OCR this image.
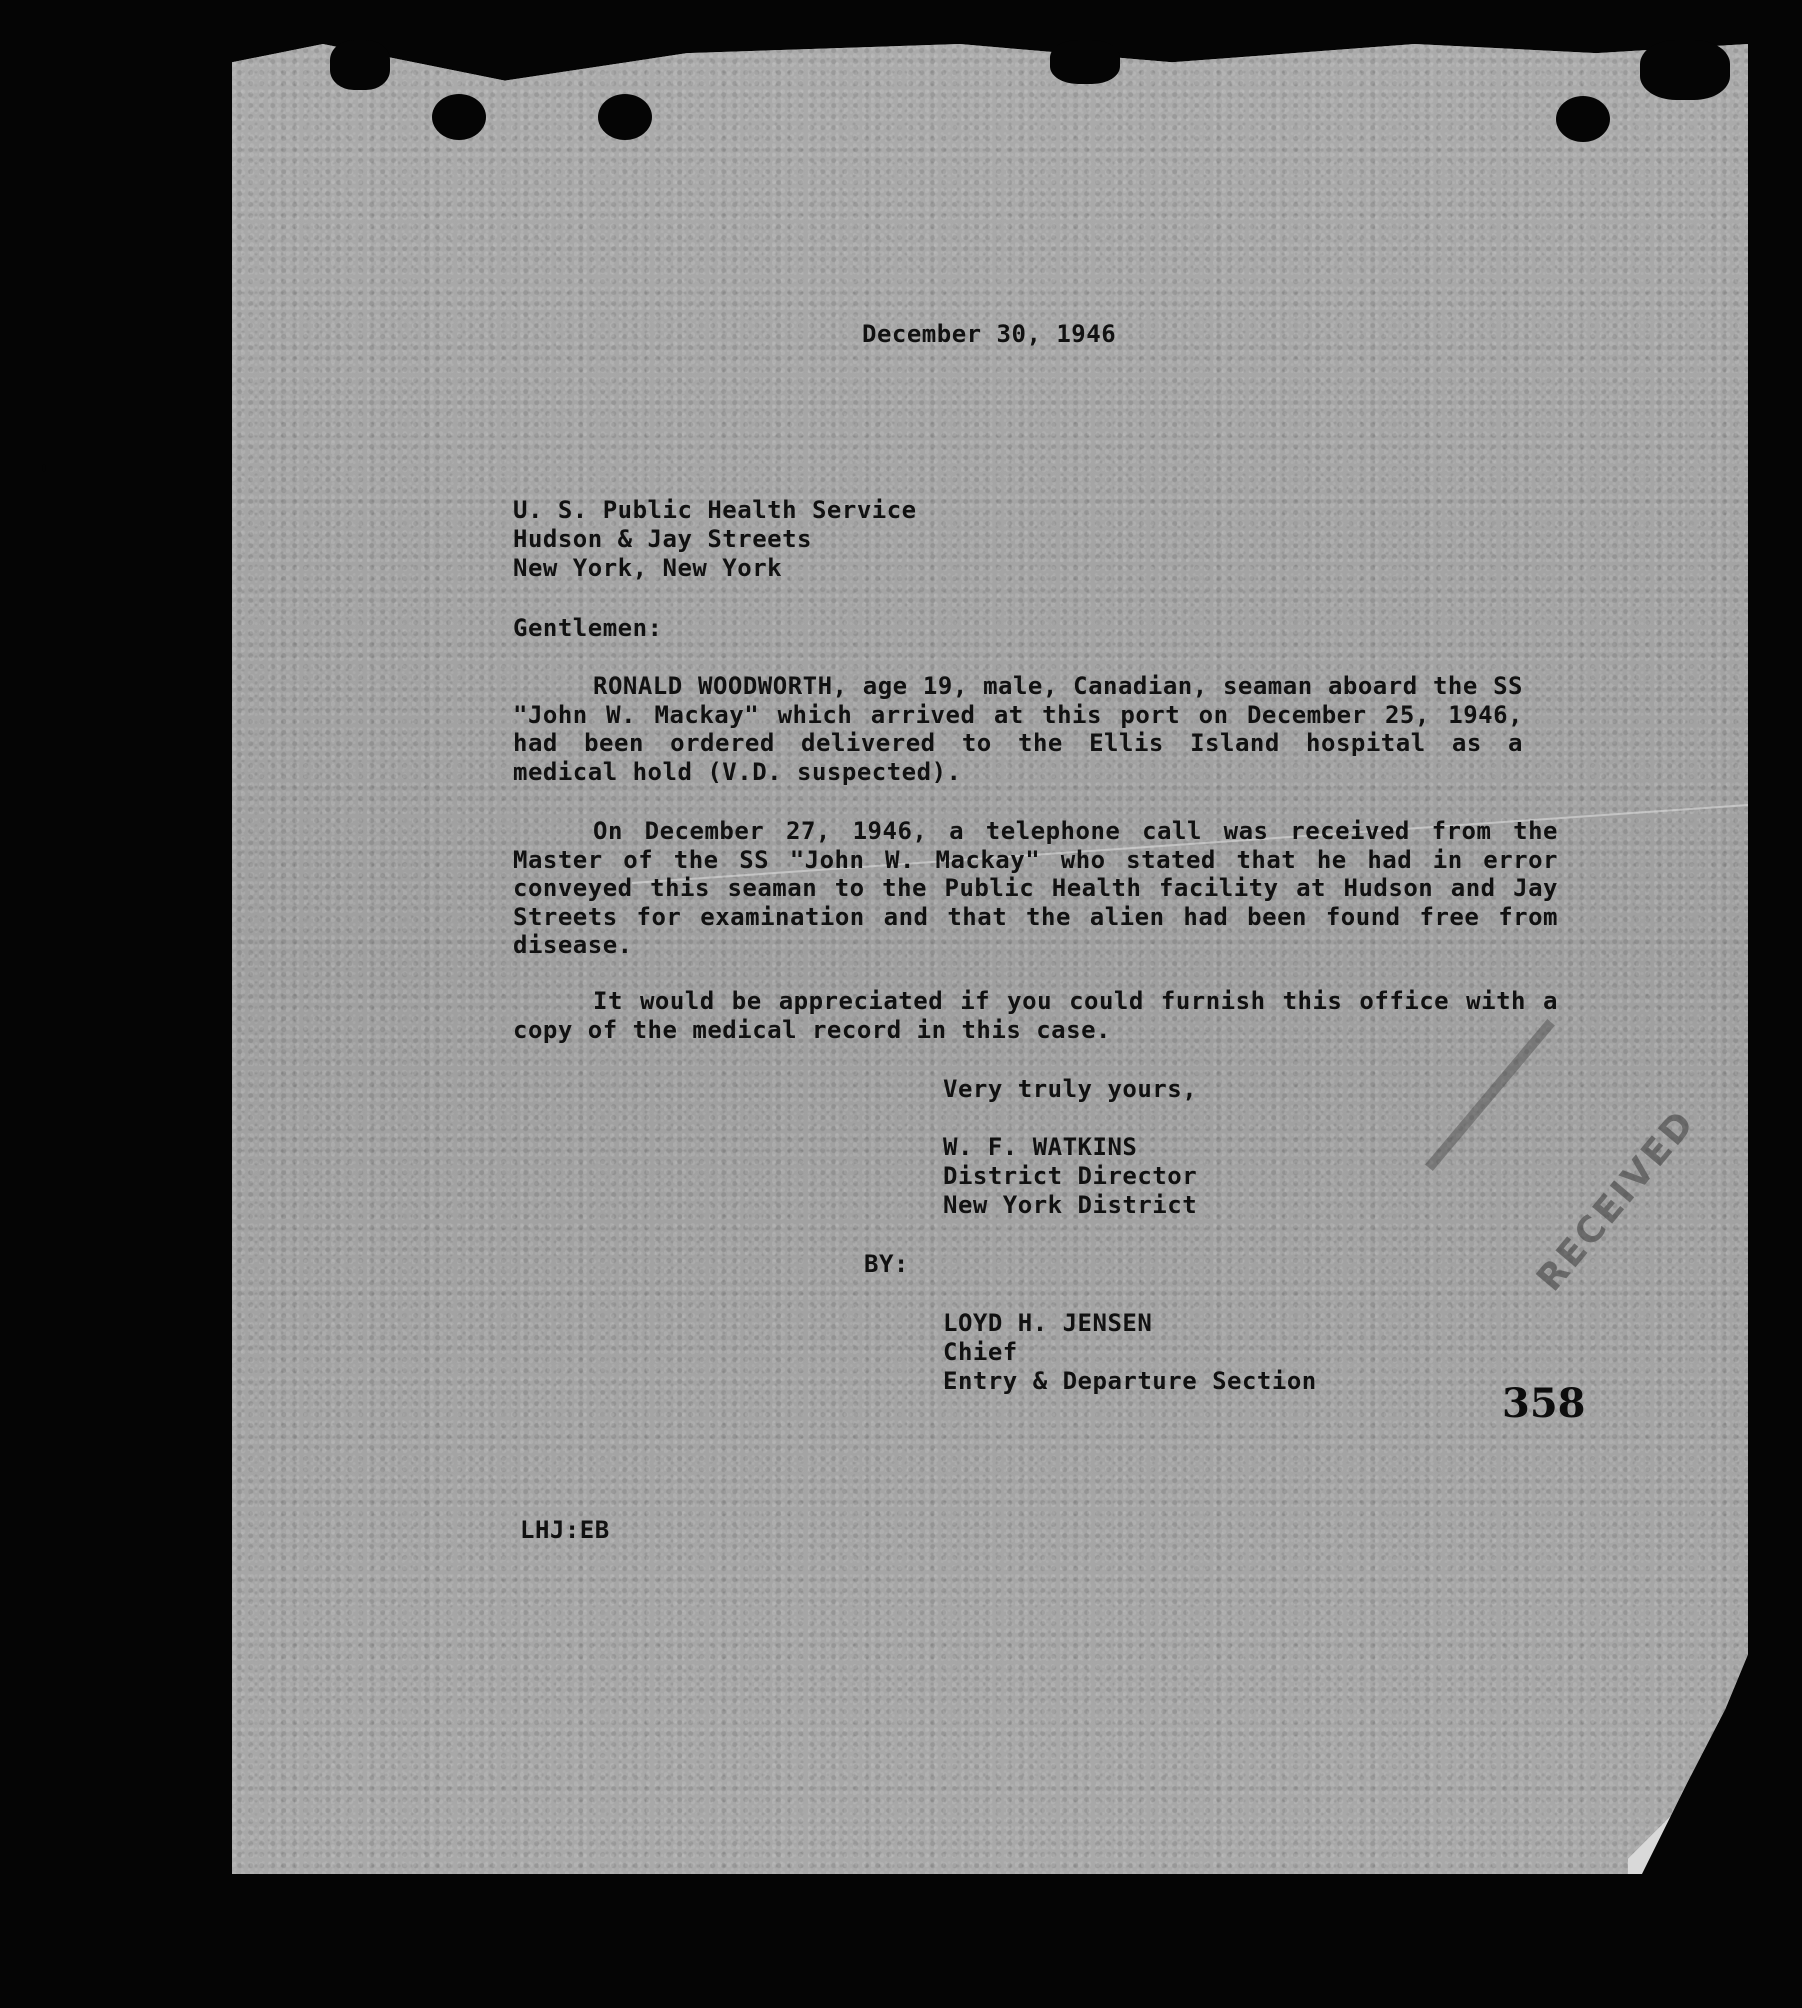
December 30, 1946

U. S. Public Health Service

Hudson & Jay Streets

New York, New York

Gentlemen:

RONALD WOODWORTH, age 19, male, Canadian, seaman aboard the SS "John W. Mackay" which arrived at this port on December 25, 1946, had been ordered delivered to the Ellis Island hospital as a medical hold (V.D. suspected).

On December 27, 1946, a telephone call was received from the Master of the SS "John W. Mackay" who stated that he had in error conveyed this seaman to the Public Health facility at Hudson and Jay Streets for examination and that the alien had been found free from disease.

It would be appreciated if you could furnish this office with a copy of the medical record in this case.

Very truly yours,

W. F. WATKINS

District Director

New York District

BY:

LOYD H. JENSEN

Chief

Entry & Departure Section	358

LHJ:EB

RECEIVED
